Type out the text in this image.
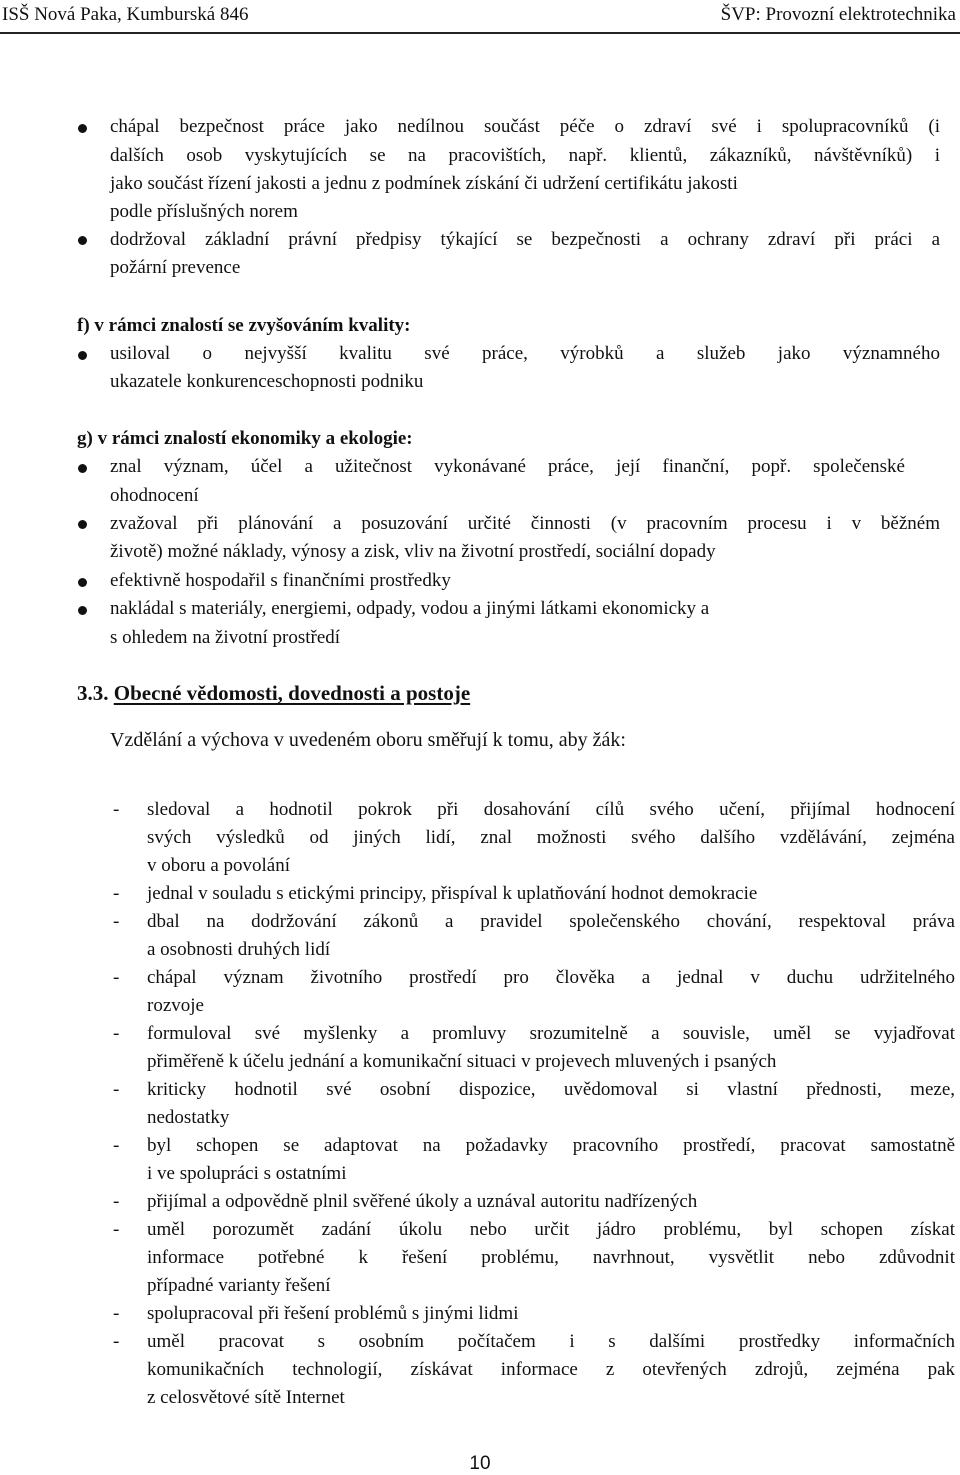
ISŠ Nová Paka, Kumburská 846	ŠVP: Provozní elektrotechnika
chápal bezpečnost práce jako nedílnou součást péče o zdraví své i spolupracovníků (i
dalších osob vyskytujících se na pracovištích, např. klientů, zákazníků, návštěvníků) i
jako součást řízení jakosti a jednu z podmínek získání či udržení certifikátu jakosti
podle příslušných norem
dodržoval základní právní předpisy týkající se bezpečnosti a ochrany zdraví při práci a
požární prevence
f) v rámci znalostí se zvyšováním kvality:
usiloval o nejvyšší kvalitu své práce, výrobků a služeb jako významného
ukazatele konkurenceschopnosti podniku
g) v rámci znalostí ekonomiky a ekologie:
znal význam, účel a užitečnost vykonávané práce, její finanční, popř. společenské
ohodnocení
zvažoval při plánování a posuzování určité činnosti (v pracovním procesu i v běžném
životě) možné náklady, výnosy a zisk, vliv na životní prostředí, sociální dopady
efektivně hospodařil s finančními prostředky
nakládal s materiály, energiemi, odpady, vodou a jinými látkami ekonomicky a
s ohledem na životní prostředí
3.3. Obecné vědomosti, dovednosti a postoje
Vzdělání a výchova v uvedeném oboru směřují k tomu, aby žák:
- sledoval a hodnotil pokrok při dosahování cílů svého učení, přijímal hodnocení
svých výsledků od jiných lidí, znal možnosti svého dalšího vzdělávání, zejména
v oboru a povolání
- jednal v souladu s etickými principy, přispíval k uplatňování hodnot demokracie
- dbal na dodržování zákonů a pravidel společenského chování, respektoval práva
a osobnosti druhých lidí
- chápal význam životního prostředí pro člověka a jednal v duchu udržitelného
rozvoje
- formuloval své myšlenky a promluvy srozumitelně a souvisle, uměl se vyjadřovat
přiměřeně k účelu jednání a komunikační situaci v projevech mluvených i psaných
- kriticky hodnotil své osobní dispozice, uvědomoval si vlastní přednosti, meze,
nedostatky
- byl schopen se adaptovat na požadavky pracovního prostředí, pracovat samostatně
i ve spolupráci s ostatními
- přijímal a odpovědně plnil svěřené úkoly a uznával autoritu nadřízených
- uměl porozumět zadání úkolu nebo určit jádro problému, byl schopen získat
informace potřebné k řešení problému, navrhnout, vysvětlit nebo zdůvodnit
případné varianty řešení
- spolupracoval při řešení problémů s jinými lidmi
- uměl pracovat s osobním počítačem i s dalšími prostředky informačních
komunikačních technologií, získávat informace z otevřených zdrojů, zejména pak
z celosvětové sítě Internet
10
